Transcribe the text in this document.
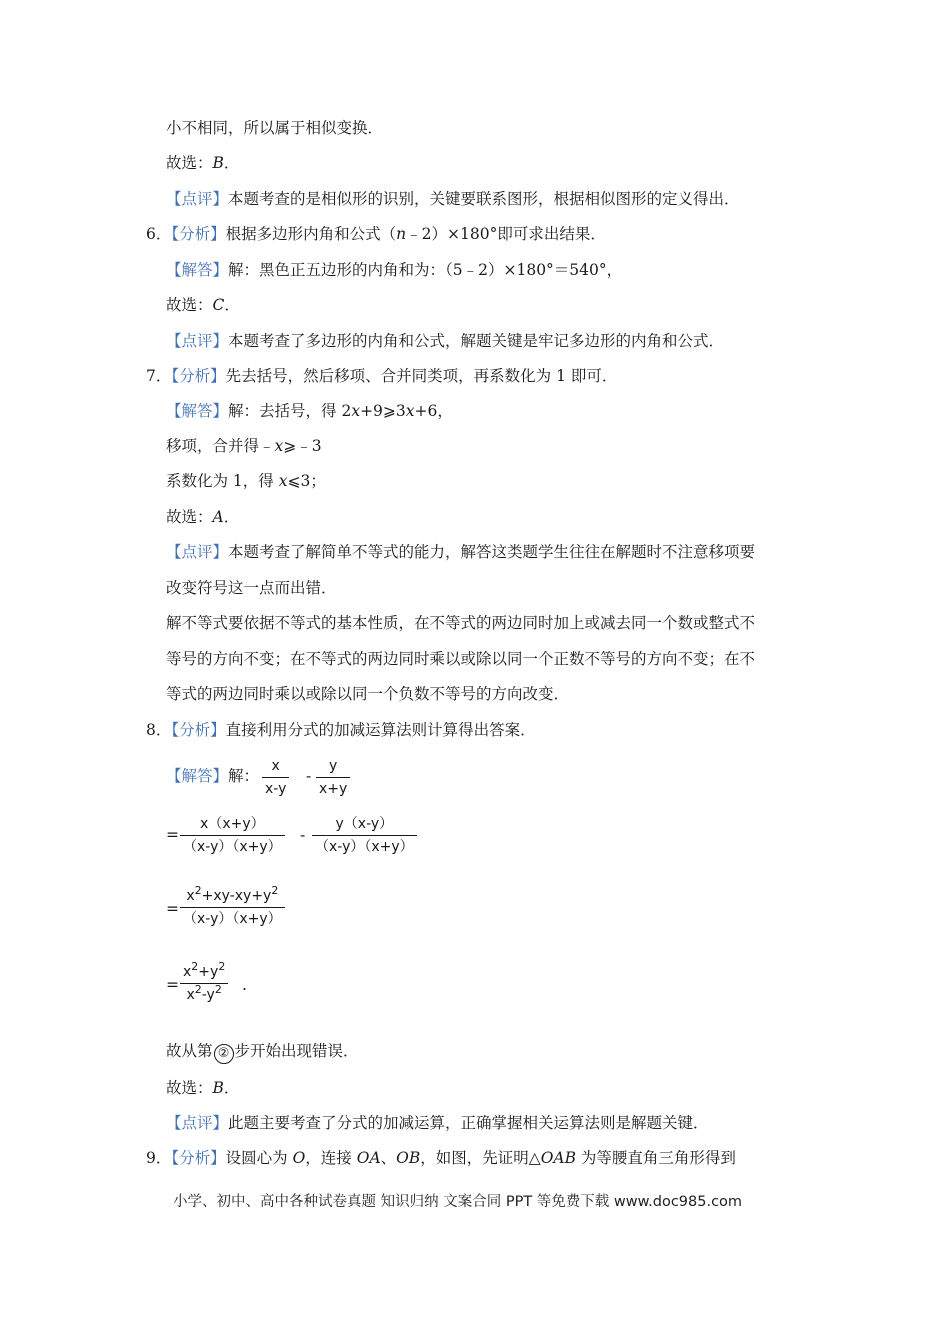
小不相同，所以属于相似变换．
故选：B．
【点评】本题考查的是相似形的识别，关键要联系图形，根据相似图形的定义得出．
6．【分析】根据多边形内角和公式（n﹣2）×180°即可求出结果．
【解答】解：黑色正五边形的内角和为：（5﹣2）×180°＝540°，
故选：C．
【点评】本题考查了多边形的内角和公式，解题关键是牢记多边形的内角和公式．
7．【分析】先去括号，然后移项、合并同类项，再系数化为 1 即可．
【解答】解：去括号，得 2x+9⩾3x+6，
移项，合并得﹣x⩾﹣3
系数化为 1，得 x⩽3；
故选：A．
【点评】本题考查了解简单不等式的能力，解答这类题学生往往在解题时不注意移项要
改变符号这一点而出错．
解不等式要依据不等式的基本性质，在不等式的两边同时加上或减去同一个数或整式不
等号的方向不变；在不等式的两边同时乘以或除以同一个正数不等号的方向不变；在不
等式的两边同时乘以或除以同一个负数不等号的方向改变．
8．【分析】直接利用分式的加减运算法则计算得出答案．
【解答】解：
x
x-y
-
y
x+y
=
x（x+y）
（x-y）（x+y）
-
y（x-y）
（x-y）（x+y）
=
$x^2+xy-xy+y^2$
（x-y）（x+y）
=
$x^2+y^2$
$x^2-y^2$ .
故从第 ② 步开始出现错误．
故选：B．
【点评】此题主要考查了分式的加减运算，正确掌握相关运算法则是解题关键．
9．【分析】设圆心为 O，连接 OA、OB，如图，先证明△OAB 为等腰直角三角形得到
小学、初中、高中各种试卷真题 知识归纳 文案合同 PPT 等免费下载 www.doc985.com
